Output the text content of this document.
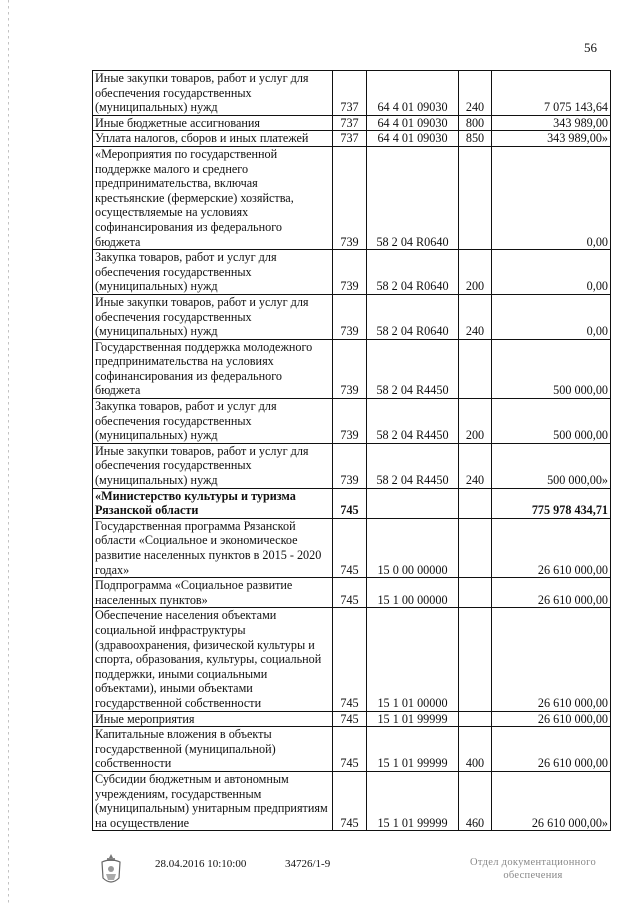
56
Иные закупки товаров, работ и услуг для обеспечения государственных (муниципальных) нужд	737	64 4 01 09030	240	7 075 143,64
Иные бюджетные ассигнования	737	64 4 01 09030	800	343 989,00
Уплата налогов, сборов и иных платежей	737	64 4 01 09030	850	343 989,00»
«Мероприятия по государственной поддержке малого и среднего предпринимательства, включая крестьянские (фермерские) хозяйства, осуществляемые на условиях софинансирования из федерального бюджета	739	58 2 04 R0640		0,00
Закупка товаров, работ и услуг для обеспечения государственных (муниципальных) нужд	739	58 2 04 R0640	200	0,00
Иные закупки товаров, работ и услуг для обеспечения государственных (муниципальных) нужд	739	58 2 04 R0640	240	0,00
Государственная поддержка молодежного предпринимательства на условиях софинансирования из федерального бюджета	739	58 2 04 R4450		500 000,00
Закупка товаров, работ и услуг для обеспечения государственных (муниципальных) нужд	739	58 2 04 R4450	200	500 000,00
Иные закупки товаров, работ и услуг для обеспечения государственных (муниципальных) нужд	739	58 2 04 R4450	240	500 000,00»
«Министерство культуры и туризма Рязанской области	745			775 978 434,71
Государственная программа Рязанской области «Социальное и экономическое развитие населенных пунктов в 2015 - 2020 годах»	745	15 0 00 00000		26 610 000,00
Подпрограмма «Социальное развитие населенных пунктов»	745	15 1 00 00000		26 610 000,00
Обеспечение населения объектами социальной инфраструктуры (здравоохранения, физической культуры и спорта, образования, культуры, социальной поддержки, иными социальными объектами), иными объектами государственной собственности	745	15 1 01 00000		26 610 000,00
Иные мероприятия	745	15 1 01 99999		26 610 000,00
Капитальные вложения в объекты государственной (муниципальной) собственности	745	15 1 01 99999	400	26 610 000,00
Субсидии бюджетным и автономным учреждениям, государственным (муниципальным) унитарным предприятиям на осуществление	745	15 1 01 99999	460	26 610 000,00»
28.04.2016 10:10:00	34726/1-9	Отдел документационного
обеспечения
